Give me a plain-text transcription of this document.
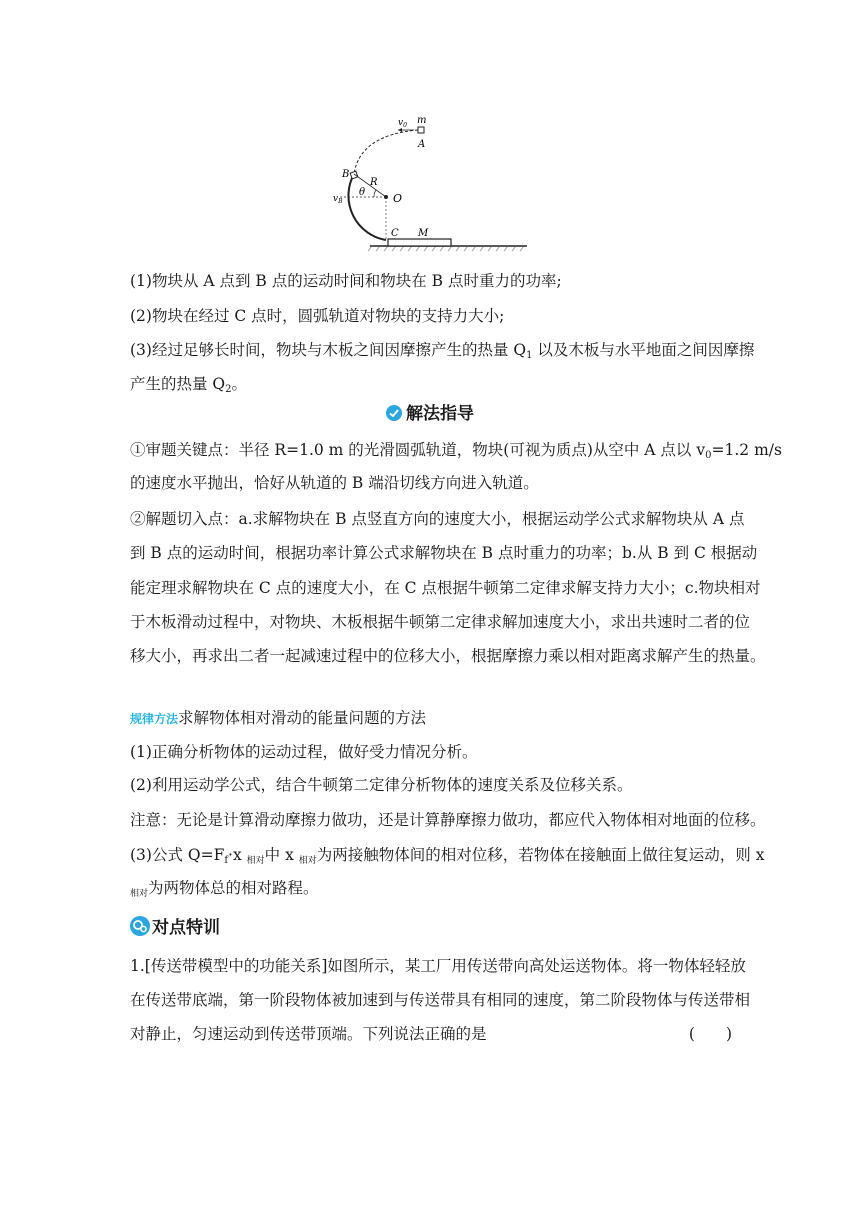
$v_0$ m
A
B
R
θ	O
$v_B$
C M
(1)物块从 A 点到 B 点的运动时间和物块在 B 点时重力的功率;
(2)物块在经过 C 点时，圆弧轨道对物块的支持力大小;
(3)经过足够长时间，物块与木板之间因摩擦产生的热量 $Q_1$ 以及木板与水平地面之间因摩擦
产生的热量 $Q_2$。
解法指导
①审题关键点：半径 R=1.0 m 的光滑圆弧轨道，物块(可视为质点)从空中 A 点以 $v_0=1.2$ m/s
的速度水平抛出，恰好从轨道的 B 端沿切线方向进入轨道。
②解题切入点：a.求解物块在 B 点竖直方向的速度大小，根据运动学公式求解物块从 A 点
到 B 点的运动时间，根据功率计算公式求解物块在 B 点时重力的功率；b.从 B 到 C 根据动
能定理求解物块在 C 点的速度大小，在 C 点根据牛顿第二定律求解支持力大小；c.物块相对
于木板滑动过程中，对物块、木板根据牛顿第二定律求解加速度大小，求出共速时二者的位
移大小，再求出二者一起减速过程中的位移大小，根据摩擦力乘以相对距离求解产生的热量。
规律方法求解物体相对滑动的能量问题的方法
(1)正确分析物体的运动过程，做好受力情况分析。
(2)利用运动学公式，结合牛顿第二定律分析物体的速度关系及位移关系。
注意：无论是计算滑动摩擦力做功，还是计算静摩擦力做功，都应代入物体相对地面的位移。
(3)公式 $Q=F_f\cdot x$ 相对中 x 相对为两接触物体间的相对位移，若物体在接触面上做往复运动，则 x
相对为两物体总的相对路程。
对点特训
1.[传送带模型中的功能关系]如图所示，某工厂用传送带向高处运送物体。将一物体轻轻放
在传送带底端，第一阶段物体被加速到与传送带具有相同的速度，第二阶段物体与传送带相
对静止，匀速运动到传送带顶端。下列说法正确的是	(　　)
